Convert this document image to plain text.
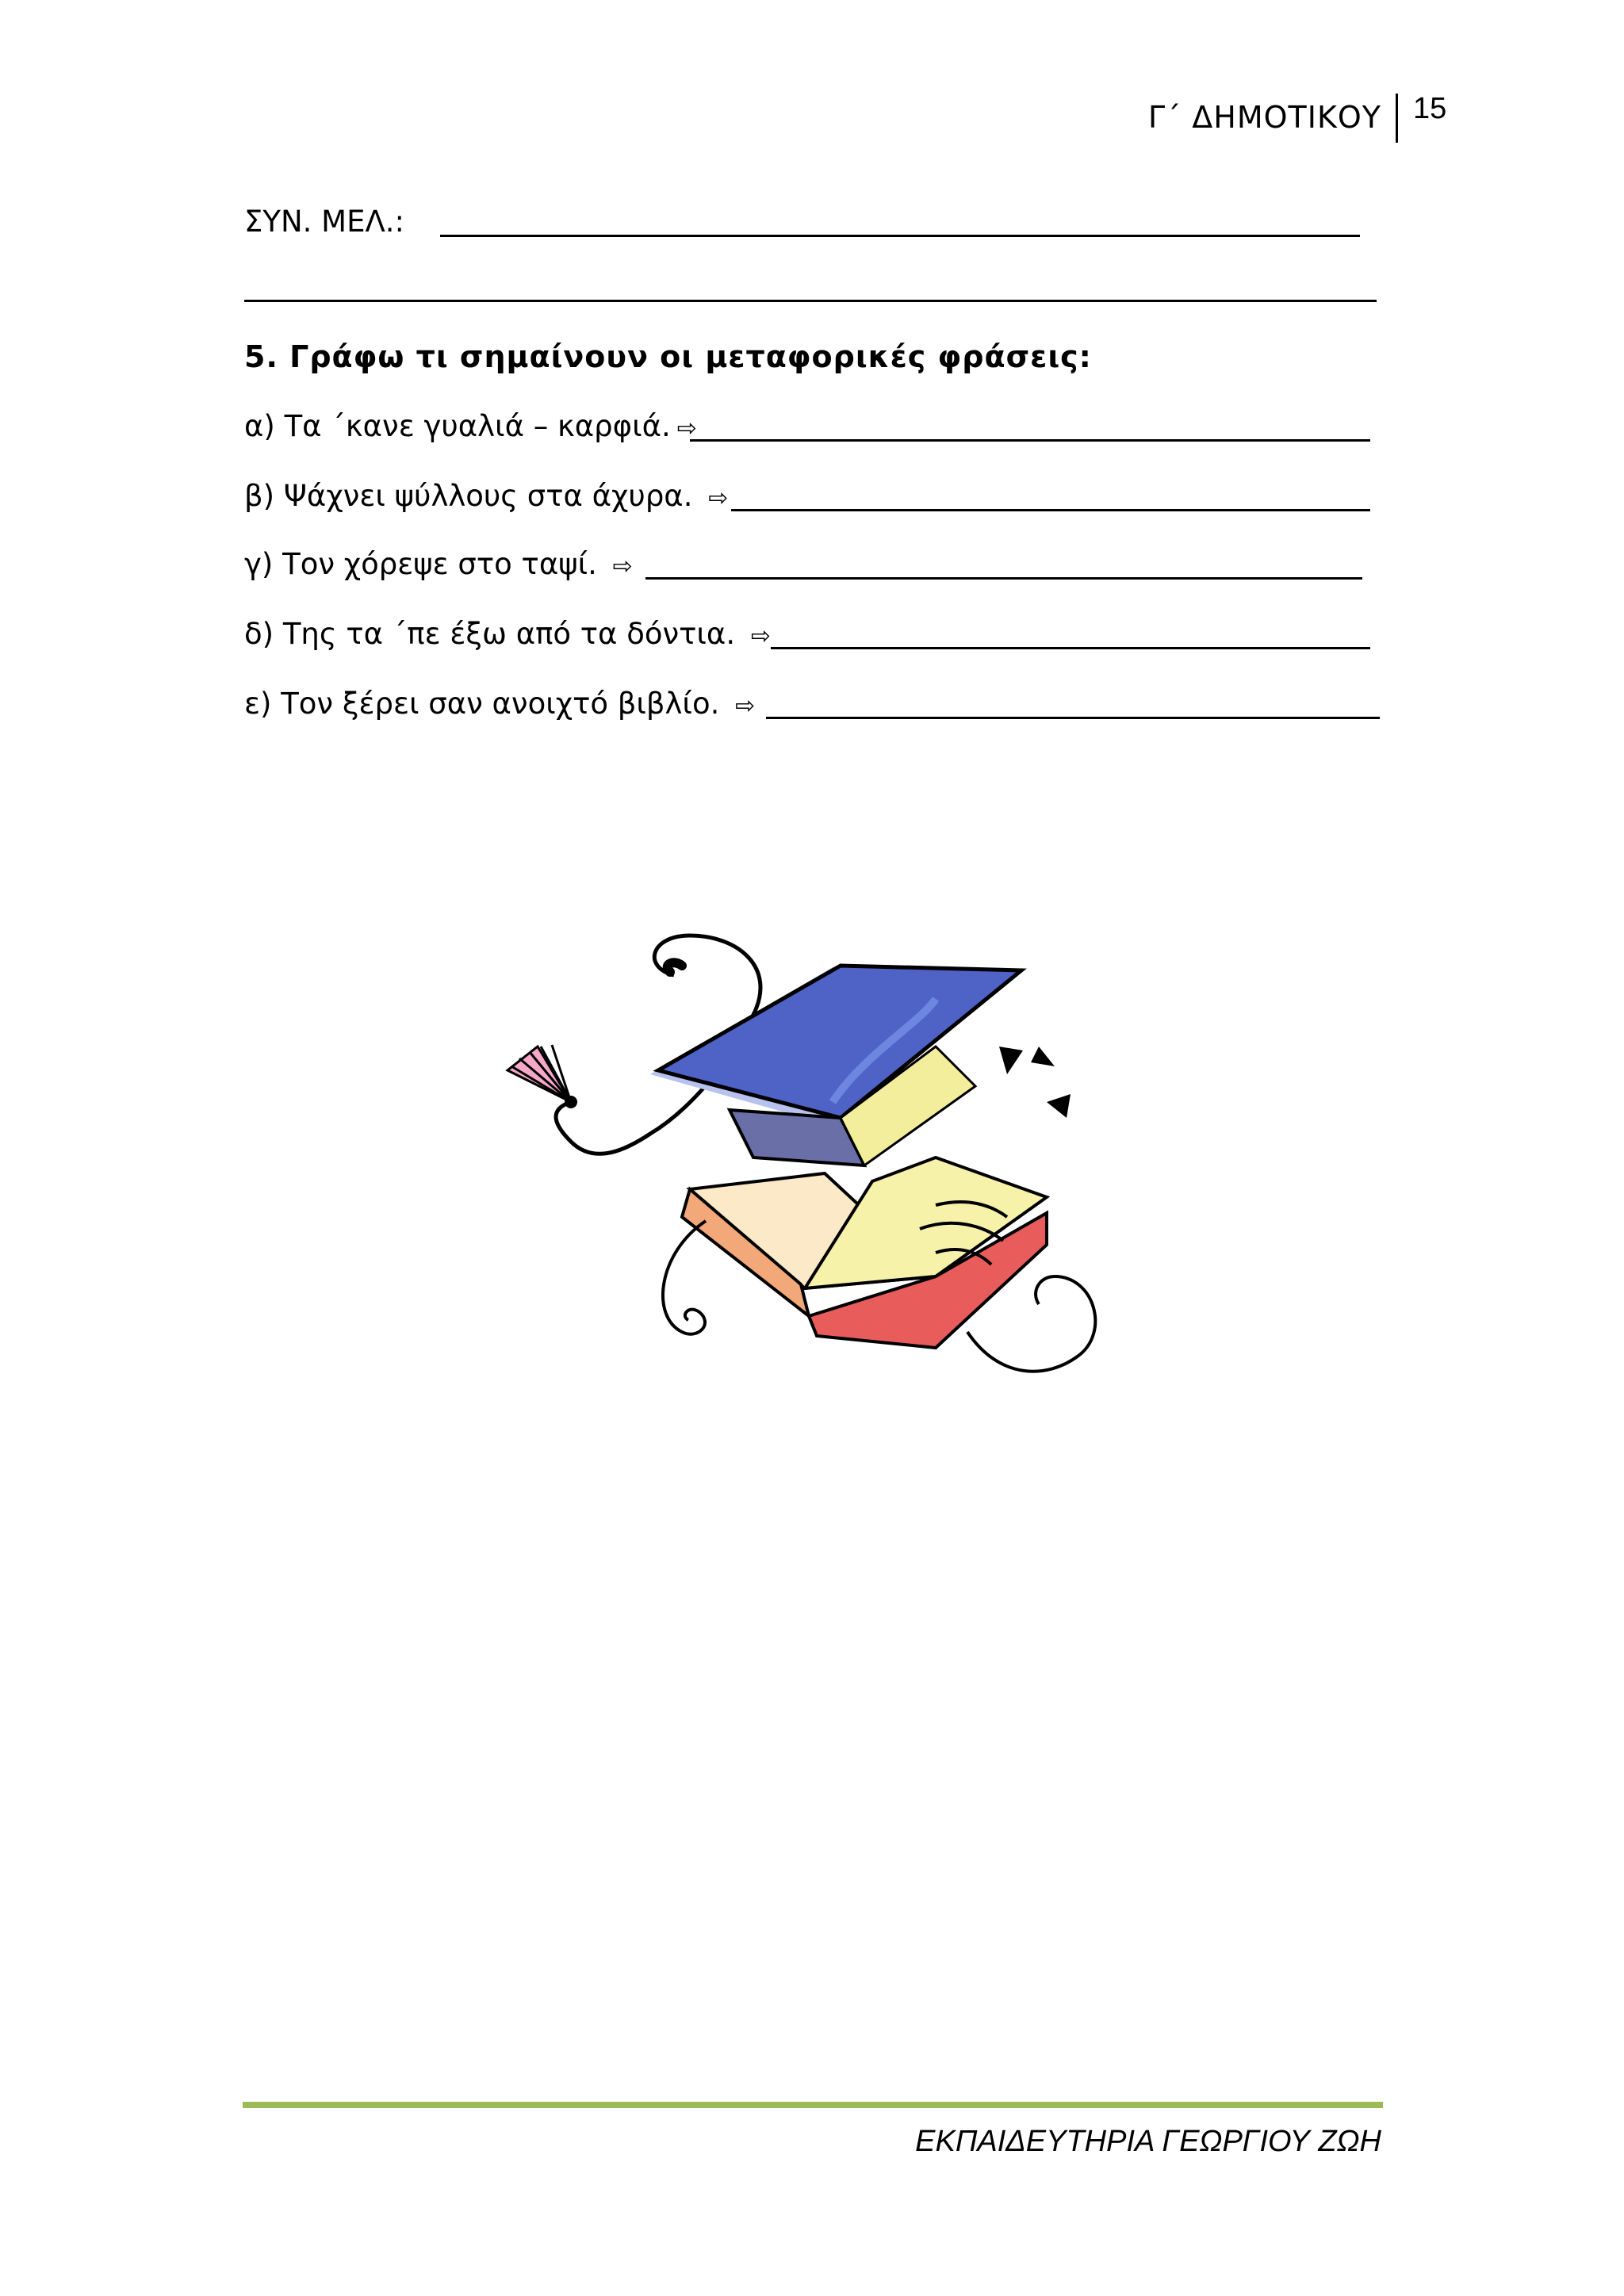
Γ΄ ΔΗΜΟΤΙΚΟΥ 15
ΣΥΝ. ΜΕΛ.:
5. Γράφω τι σημαίνουν οι μεταφορικές φράσεις:
α) Τα ΄κανε γυαλιά – καρφιά. ⇨
β) Ψάχνει ψύλλους στα άχυρα. ⇨
γ) Τον χόρεψε στο ταψί. ⇨
δ) Της τα ΄πε έξω από τα δόντια. ⇨
ε) Τον ξέρει σαν ανοιχτό βιβλίο. ⇨
ΕΚΠΑΙΔΕΥΤΗΡΙΑ ΓΕΩΡΓΙΟΥ ΖΩΗ
